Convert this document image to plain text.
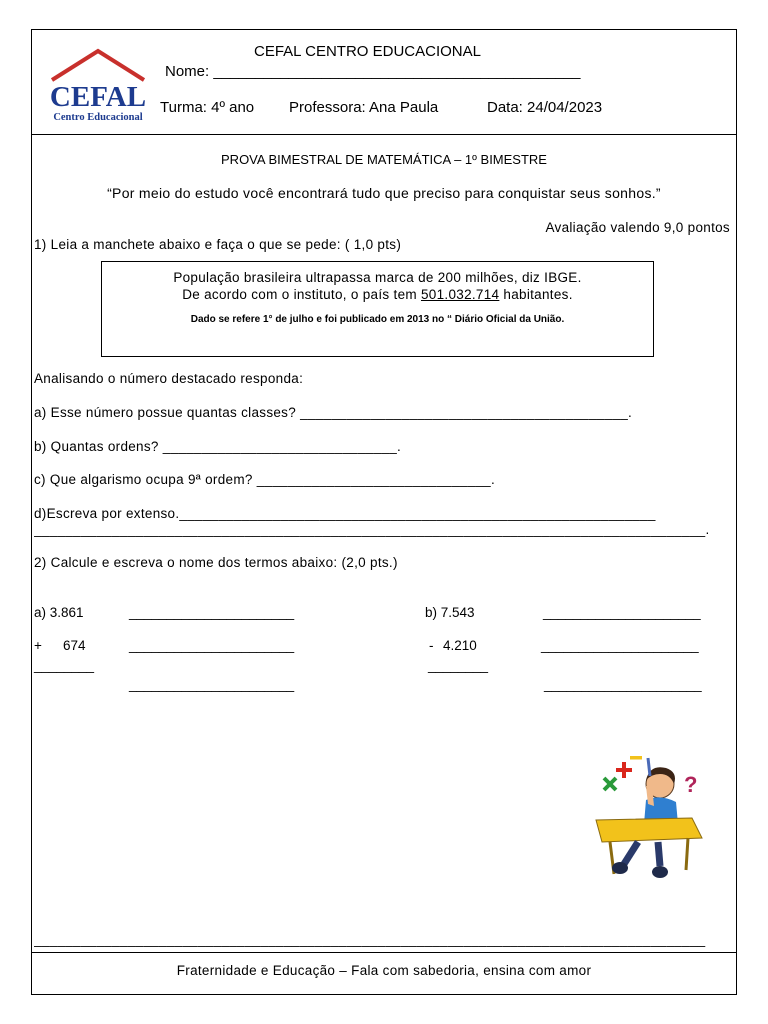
CEFAL
Centro Educacional
CEFAL CENTRO EDUCACIONAL
Nome: ____________________________________________
Turma: 4º ano Professora: Ana Paula	Data: 24/04/2023
PROVA BIMESTRAL DE MATEMÁTICA – 1º BIMESTRE
“Por meio do estudo você encontrará tudo que preciso para conquistar seus sonhos.”
Avaliação valendo 9,0 pontos
1) Leia a manchete abaixo e faça o que se pede: ( 1,0 pts)
População brasileira ultrapassa marca de 200 milhões, diz IBGE.
De acordo com o instituto, o país tem 501.032.714 habitantes.
Dado se refere 1° de julho e foi publicado em 2013 no “ Diário Oficial da União.
Analisando o número destacado responda:
a) Esse número possue quantas classes? __________________________________________.
b) Quantas ordens? ______________________________.
c) Que algarismo ocupa 9ª ordem? ______________________________.
d)Escreva por extenso._____________________________________________________________
______________________________________________________________________________________.
2) Calcule e escreva o nome dos termos abaixo: (2,0 pts.)
a) 3.861	______________________
+ 674	______________________
________
______________________
b) 7.543	_____________________
- 4.210	_____________________
________
_____________________
?
______________________________________________________________________________________
Fraternidade e Educação – Fala com sabedoria, ensina com amor
